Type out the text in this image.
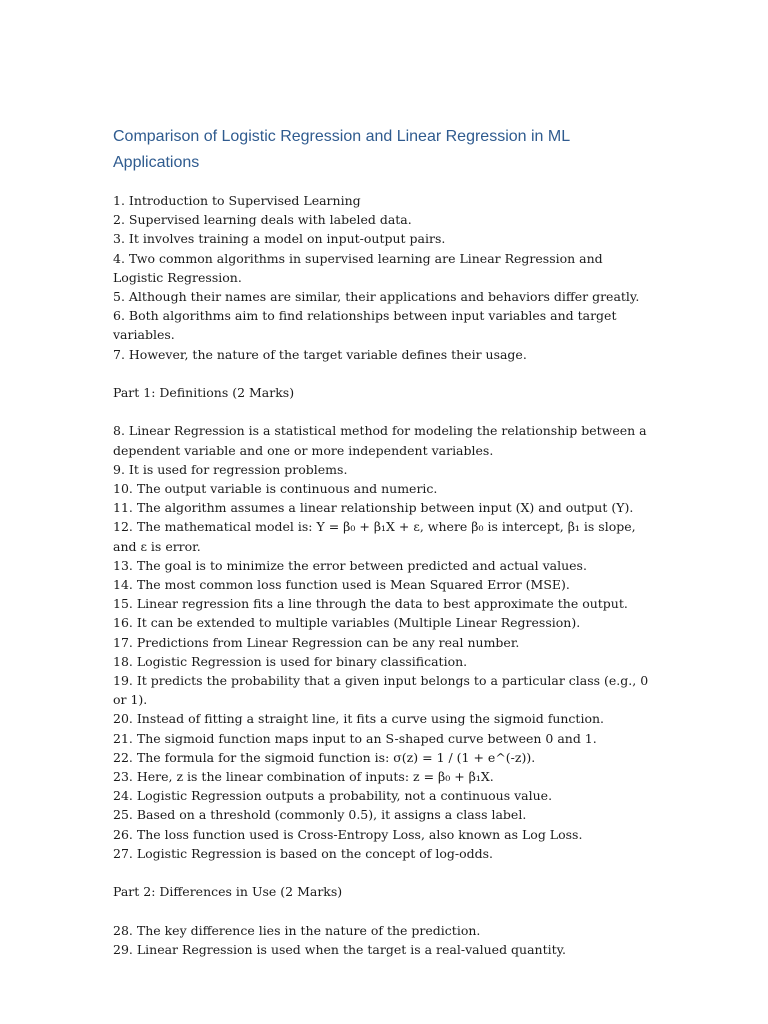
Comparison of Logistic Regression and Linear Regression in ML Applications

1. Introduction to Supervised Learning

2. Supervised learning deals with labeled data.

3. It involves training a model on input-output pairs.

4. Two common algorithms in supervised learning are Linear Regression and Logistic Regression.

5. Although their names are similar, their applications and behaviors differ greatly.

6. Both algorithms aim to find relationships between input variables and target variables.

7. However, the nature of the target variable defines their usage.

Part 1: Definitions (2 Marks)

8. Linear Regression is a statistical method for modeling the relationship between a dependent variable and one or more independent variables.

9. It is used for regression problems.

10. The output variable is continuous and numeric.

11. The algorithm assumes a linear relationship between input (X) and output (Y).

12. The mathematical model is: Y = β₀ + β₁X + ε, where β₀ is intercept, β₁ is slope, and ε is error.

13. The goal is to minimize the error between predicted and actual values.

14. The most common loss function used is Mean Squared Error (MSE).

15. Linear regression fits a line through the data to best approximate the output.

16. It can be extended to multiple variables (Multiple Linear Regression).

17. Predictions from Linear Regression can be any real number.

18. Logistic Regression is used for binary classification.

19. It predicts the probability that a given input belongs to a particular class (e.g., 0 or 1).

20. Instead of fitting a straight line, it fits a curve using the sigmoid function.

21. The sigmoid function maps input to an S-shaped curve between 0 and 1.

22. The formula for the sigmoid function is: σ(z) = 1 / (1 + e^(-z)).

23. Here, z is the linear combination of inputs: z = β₀ + β₁X.

24. Logistic Regression outputs a probability, not a continuous value.

25. Based on a threshold (commonly 0.5), it assigns a class label.

26. The loss function used is Cross-Entropy Loss, also known as Log Loss.

27. Logistic Regression is based on the concept of log-odds.

Part 2: Differences in Use (2 Marks)

28. The key difference lies in the nature of the prediction.

29. Linear Regression is used when the target is a real-valued quantity.
